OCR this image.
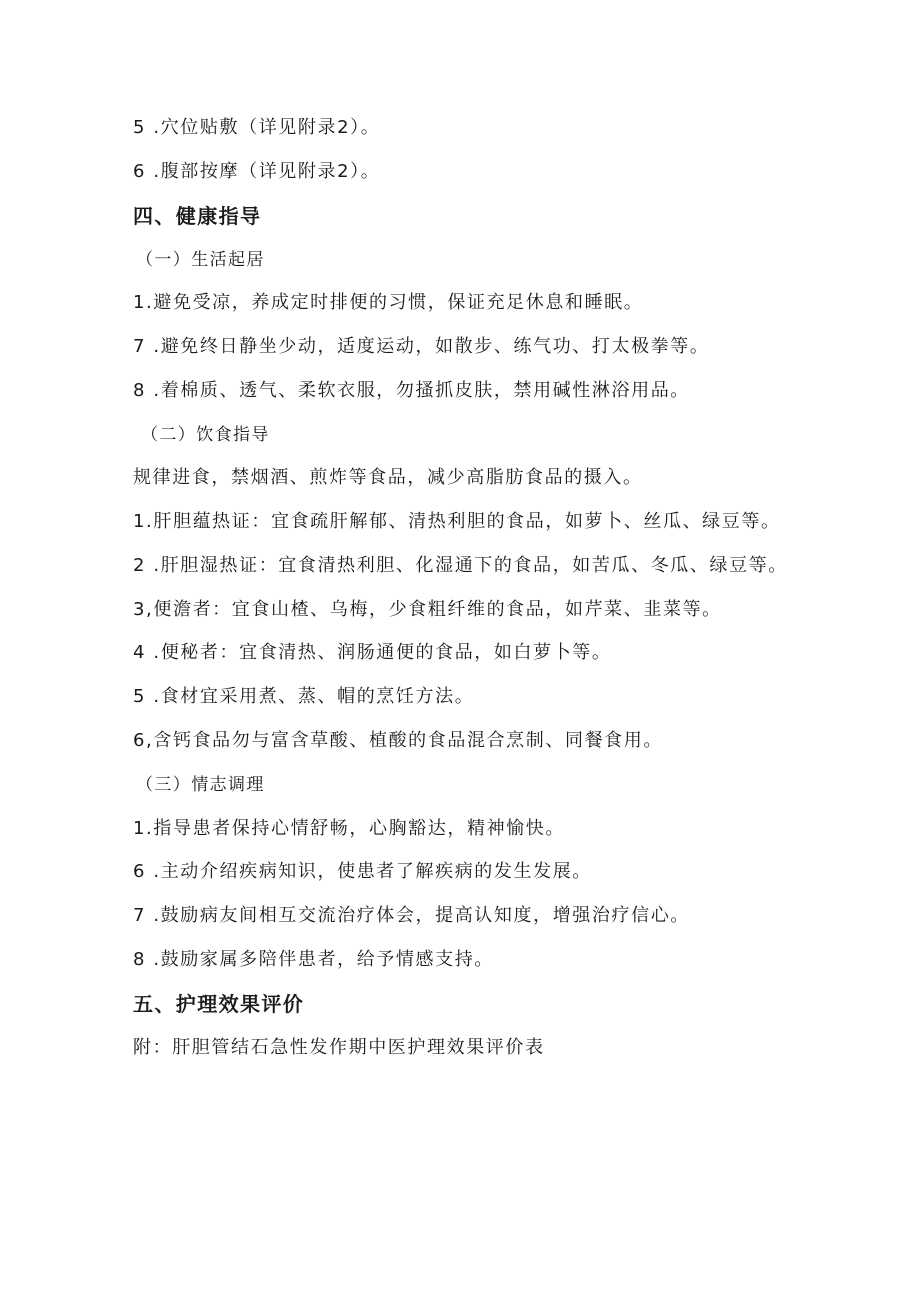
5 .穴位贴敷（详见附录2）。
6 .腹部按摩（详见附录2）。
四、健康指导
（一）生活起居
1.避免受凉，养成定时排便的习惯，保证充足休息和睡眠。
7 .避免终日静坐少动，适度运动，如散步、练气功、打太极拳等。
8 .着棉质、透气、柔软衣服，勿搔抓皮肤，禁用碱性淋浴用品。
（二）饮食指导
规律进食，禁烟酒、煎炸等食品，减少高脂肪食品的摄入。
1.肝胆蕴热证：宜食疏肝解郁、清热利胆的食品，如萝卜、丝瓜、绿豆等。
2 .肝胆湿热证：宜食清热利胆、化湿通下的食品，如苦瓜、冬瓜、绿豆等。
3,便澹者：宜食山楂、乌梅，少食粗纤维的食品，如芹菜、韭菜等。
4 .便秘者：宜食清热、润肠通便的食品，如白萝卜等。
5 .食材宜采用煮、蒸、帽的烹饪方法。
6,含钙食品勿与富含草酸、植酸的食品混合烹制、同餐食用。
（三）情志调理
1.指导患者保持心情舒畅，心胸豁达，精神愉快。
6 .主动介绍疾病知识，使患者了解疾病的发生发展。
7 .鼓励病友间相互交流治疗体会，提高认知度，增强治疗信心。
8 .鼓励家属多陪伴患者，给予情感支持。
五、护理效果评价
附：肝胆管结石急性发作期中医护理效果评价表
